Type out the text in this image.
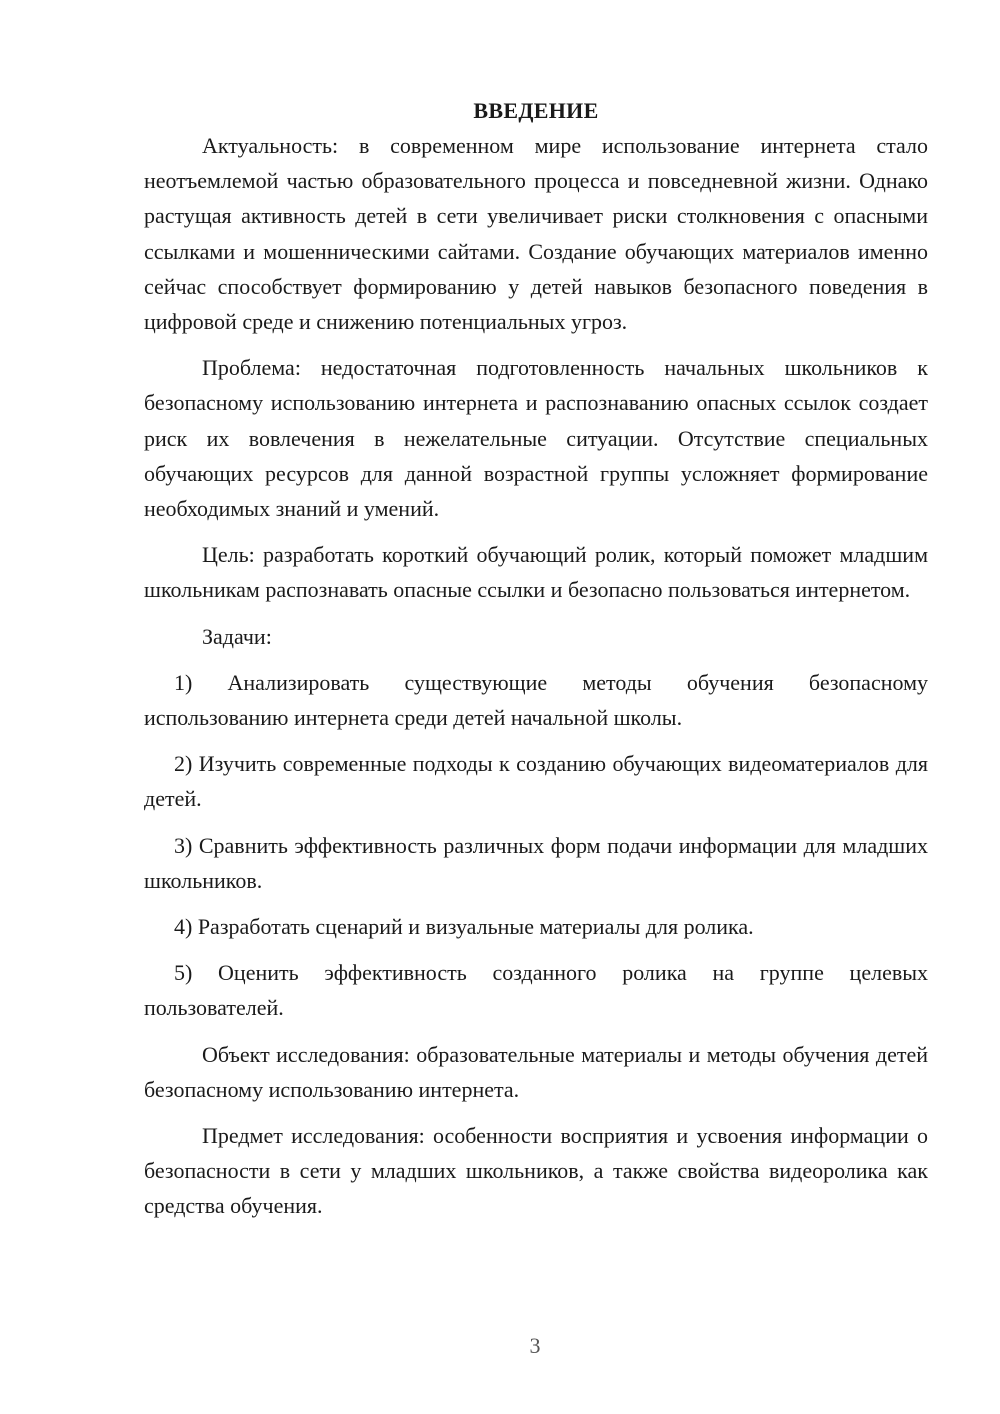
ВВЕДЕНИЕ

Актуальность: в современном мире использование интернета стало неотъемлемой частью образовательного процесса и повседневной жизни. Однако растущая активность детей в сети увеличивает риски столкновения с опасными ссылками и мошенническими сайтами. Создание обучающих материалов именно сейчас способствует формированию у детей навыков безопасного поведения в цифровой среде и снижению потенциальных угроз.

Проблема: недостаточная подготовленность начальных школьников к безопасному использованию интернета и распознаванию опасных ссылок создает риск их вовлечения в нежелательные ситуации. Отсутствие специальных обучающих ресурсов для данной возрастной группы усложняет формирование необходимых знаний и умений.

Цель: разработать короткий обучающий ролик, который поможет младшим школьникам распознавать опасные ссылки и безопасно пользоваться интернетом.

Задачи:

1) Анализировать существующие методы обучения безопасному использованию интернета среди детей начальной школы.

2) Изучить современные подходы к созданию обучающих видеоматериалов для детей.

3) Сравнить эффективность различных форм подачи информации для младших школьников.

4) Разработать сценарий и визуальные материалы для ролика.

5) Оценить эффективность созданного ролика на группе целевых пользователей.

Объект исследования: образовательные материалы и методы обучения детей безопасному использованию интернета.

Предмет исследования: особенности восприятия и усвоения информации о безопасности в сети у младших школьников, а также свойства видеоролика как средства обучения.

3
